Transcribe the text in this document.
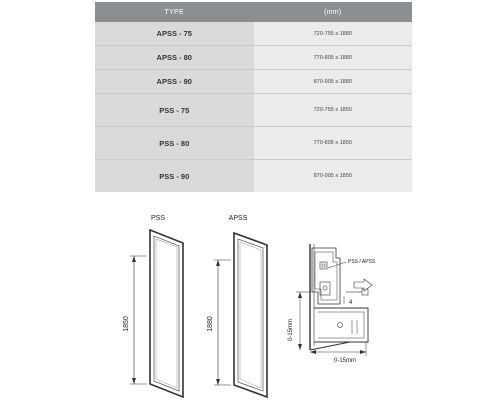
TYPE	(mm)
APSS - 75	720-755 x 1880
APSS - 80	770-805 x 1880
APSS - 90	870-905 x 1880
PSS - 75	720-755 x 1850
PSS - 80	770-805 x 1850
PSS - 90	870-905 x 1850
PSS
1850
APSS
1880
PSS / APSS
4
0-15mm
0-15mm
